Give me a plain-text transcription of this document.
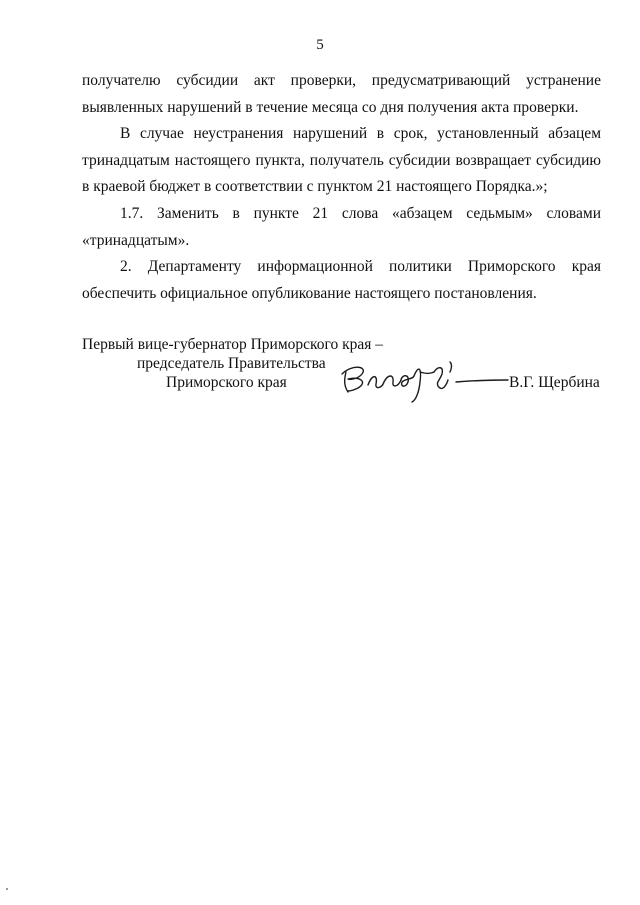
5

получателю субсидии акт проверки, предусматривающий устранение выявленных нарушений в течение месяца со дня получения акта проверки.

В случае неустранения нарушений в срок, установленный абзацем тринадцатым настоящего пункта, получатель субсидии возвращает субсидию в краевой бюджет в соответствии с пунктом 21 настоящего Порядка.»;

1.7. Заменить в пункте 21 слова «абзацем седьмым» словами «тринадцатым».

2. Департаменту информационной политики Приморского края обеспечить официальное опубликование настоящего постановления.

Первый вице-губернатор Приморского края –
председатель Правительства
Приморского края	В.Г. Щербина
